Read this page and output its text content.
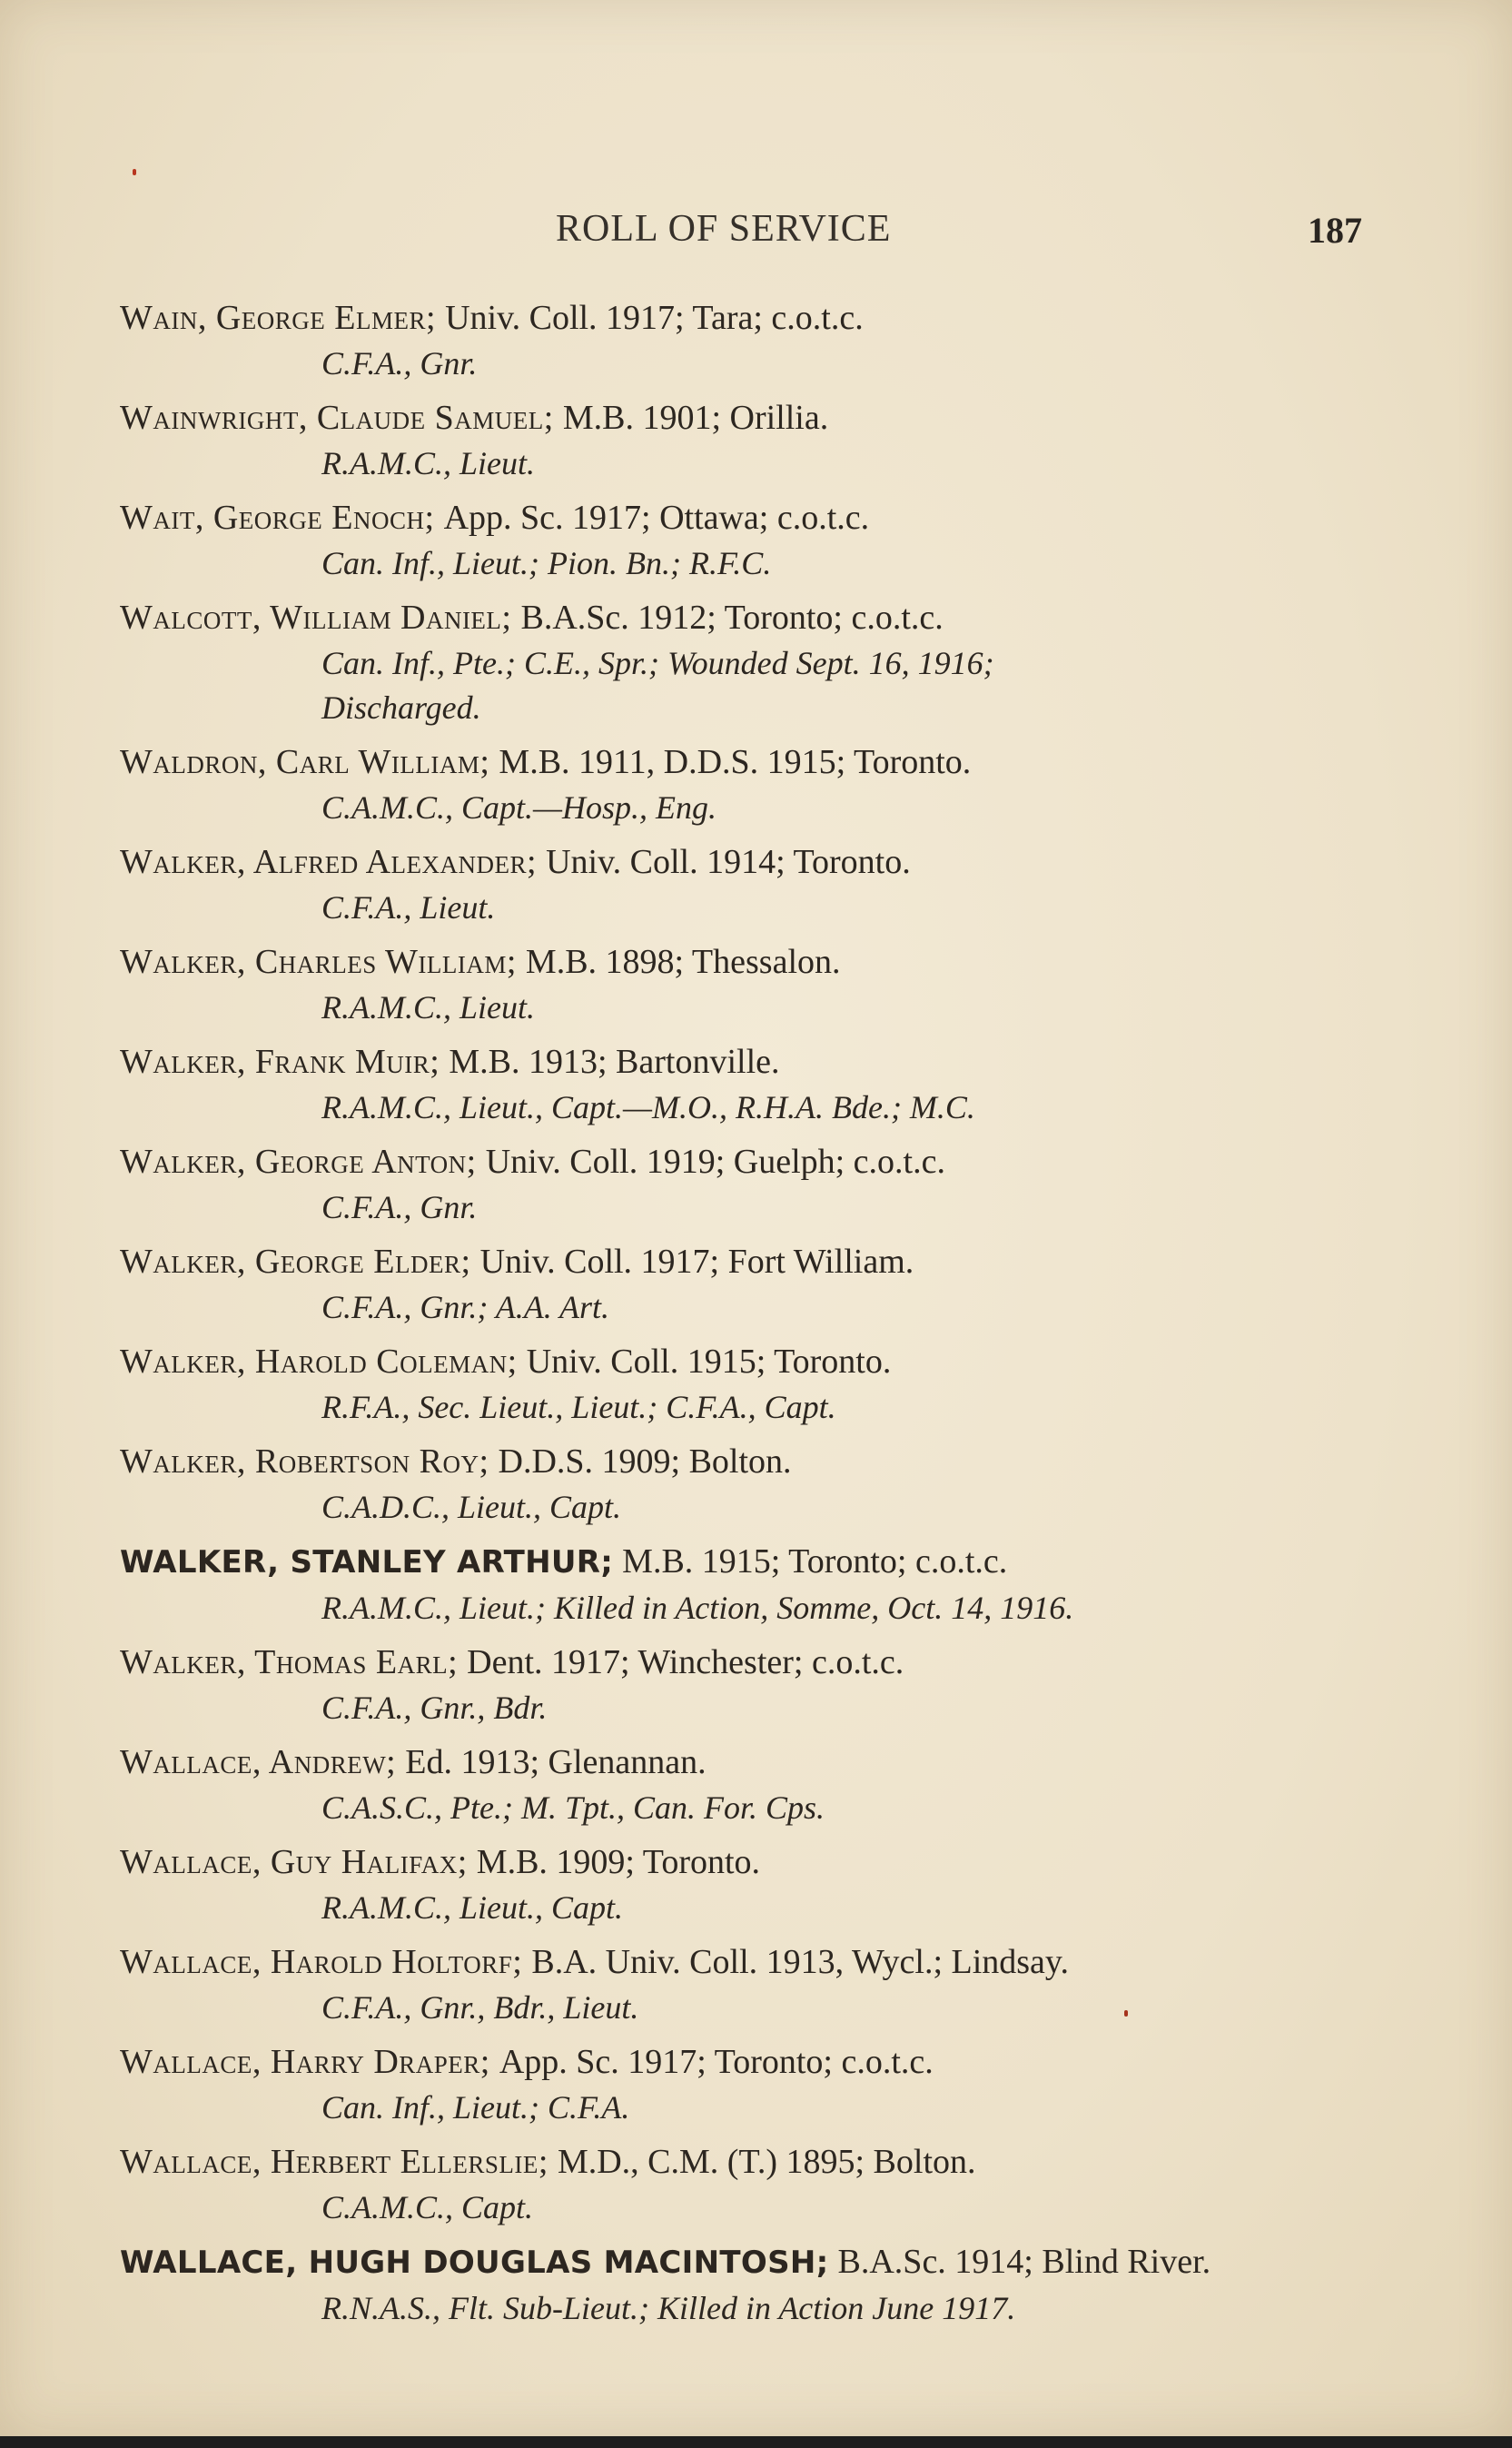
ROLL OF SERVICE	187
Wain, George Elmer; Univ. Coll. 1917; Tara; c.o.t.c.
C.F.A., Gnr.
Wainwright, Claude Samuel; M.B. 1901; Orillia.
R.A.M.C., Lieut.
Wait, George Enoch; App. Sc. 1917; Ottawa; c.o.t.c.
Can. Inf., Lieut.; Pion. Bn.; R.F.C.
Walcott, William Daniel; B.A.Sc. 1912; Toronto; c.o.t.c.
Can. Inf., Pte.; C.E., Spr.; Wounded Sept. 16, 1916;
Discharged.
Waldron, Carl William; M.B. 1911, D.D.S. 1915; Toronto.
C.A.M.C., Capt.—Hosp., Eng.
Walker, Alfred Alexander; Univ. Coll. 1914; Toronto.
C.F.A., Lieut.
Walker, Charles William; M.B. 1898; Thessalon.
R.A.M.C., Lieut.
Walker, Frank Muir; M.B. 1913; Bartonville.
R.A.M.C., Lieut., Capt.—M.O., R.H.A. Bde.; M.C.
Walker, George Anton; Univ. Coll. 1919; Guelph; c.o.t.c.
C.F.A., Gnr.
Walker, George Elder; Univ. Coll. 1917; Fort William.
C.F.A., Gnr.; A.A. Art.
Walker, Harold Coleman; Univ. Coll. 1915; Toronto.
R.F.A., Sec. Lieut., Lieut.; C.F.A., Capt.
Walker, Robertson Roy; D.D.S. 1909; Bolton.
C.A.D.C., Lieut., Capt.
WALKER, STANLEY ARTHUR; M.B. 1915; Toronto; c.o.t.c.
R.A.M.C., Lieut.; Killed in Action, Somme, Oct. 14, 1916.
Walker, Thomas Earl; Dent. 1917; Winchester; c.o.t.c.
C.F.A., Gnr., Bdr.
Wallace, Andrew; Ed. 1913; Glenannan.
C.A.S.C., Pte.; M. Tpt., Can. For. Cps.
Wallace, Guy Halifax; M.B. 1909; Toronto.
R.A.M.C., Lieut., Capt.
Wallace, Harold Holtorf; B.A. Univ. Coll. 1913, Wycl.; Lindsay.
C.F.A., Gnr., Bdr., Lieut.
Wallace, Harry Draper; App. Sc. 1917; Toronto; c.o.t.c.
Can. Inf., Lieut.; C.F.A.
Wallace, Herbert Ellerslie; M.D., C.M. (T.) 1895; Bolton.
C.A.M.C., Capt.
WALLACE, HUGH DOUGLAS MACINTOSH; B.A.Sc. 1914; Blind River.
R.N.A.S., Flt. Sub-Lieut.; Killed in Action June 1917.
